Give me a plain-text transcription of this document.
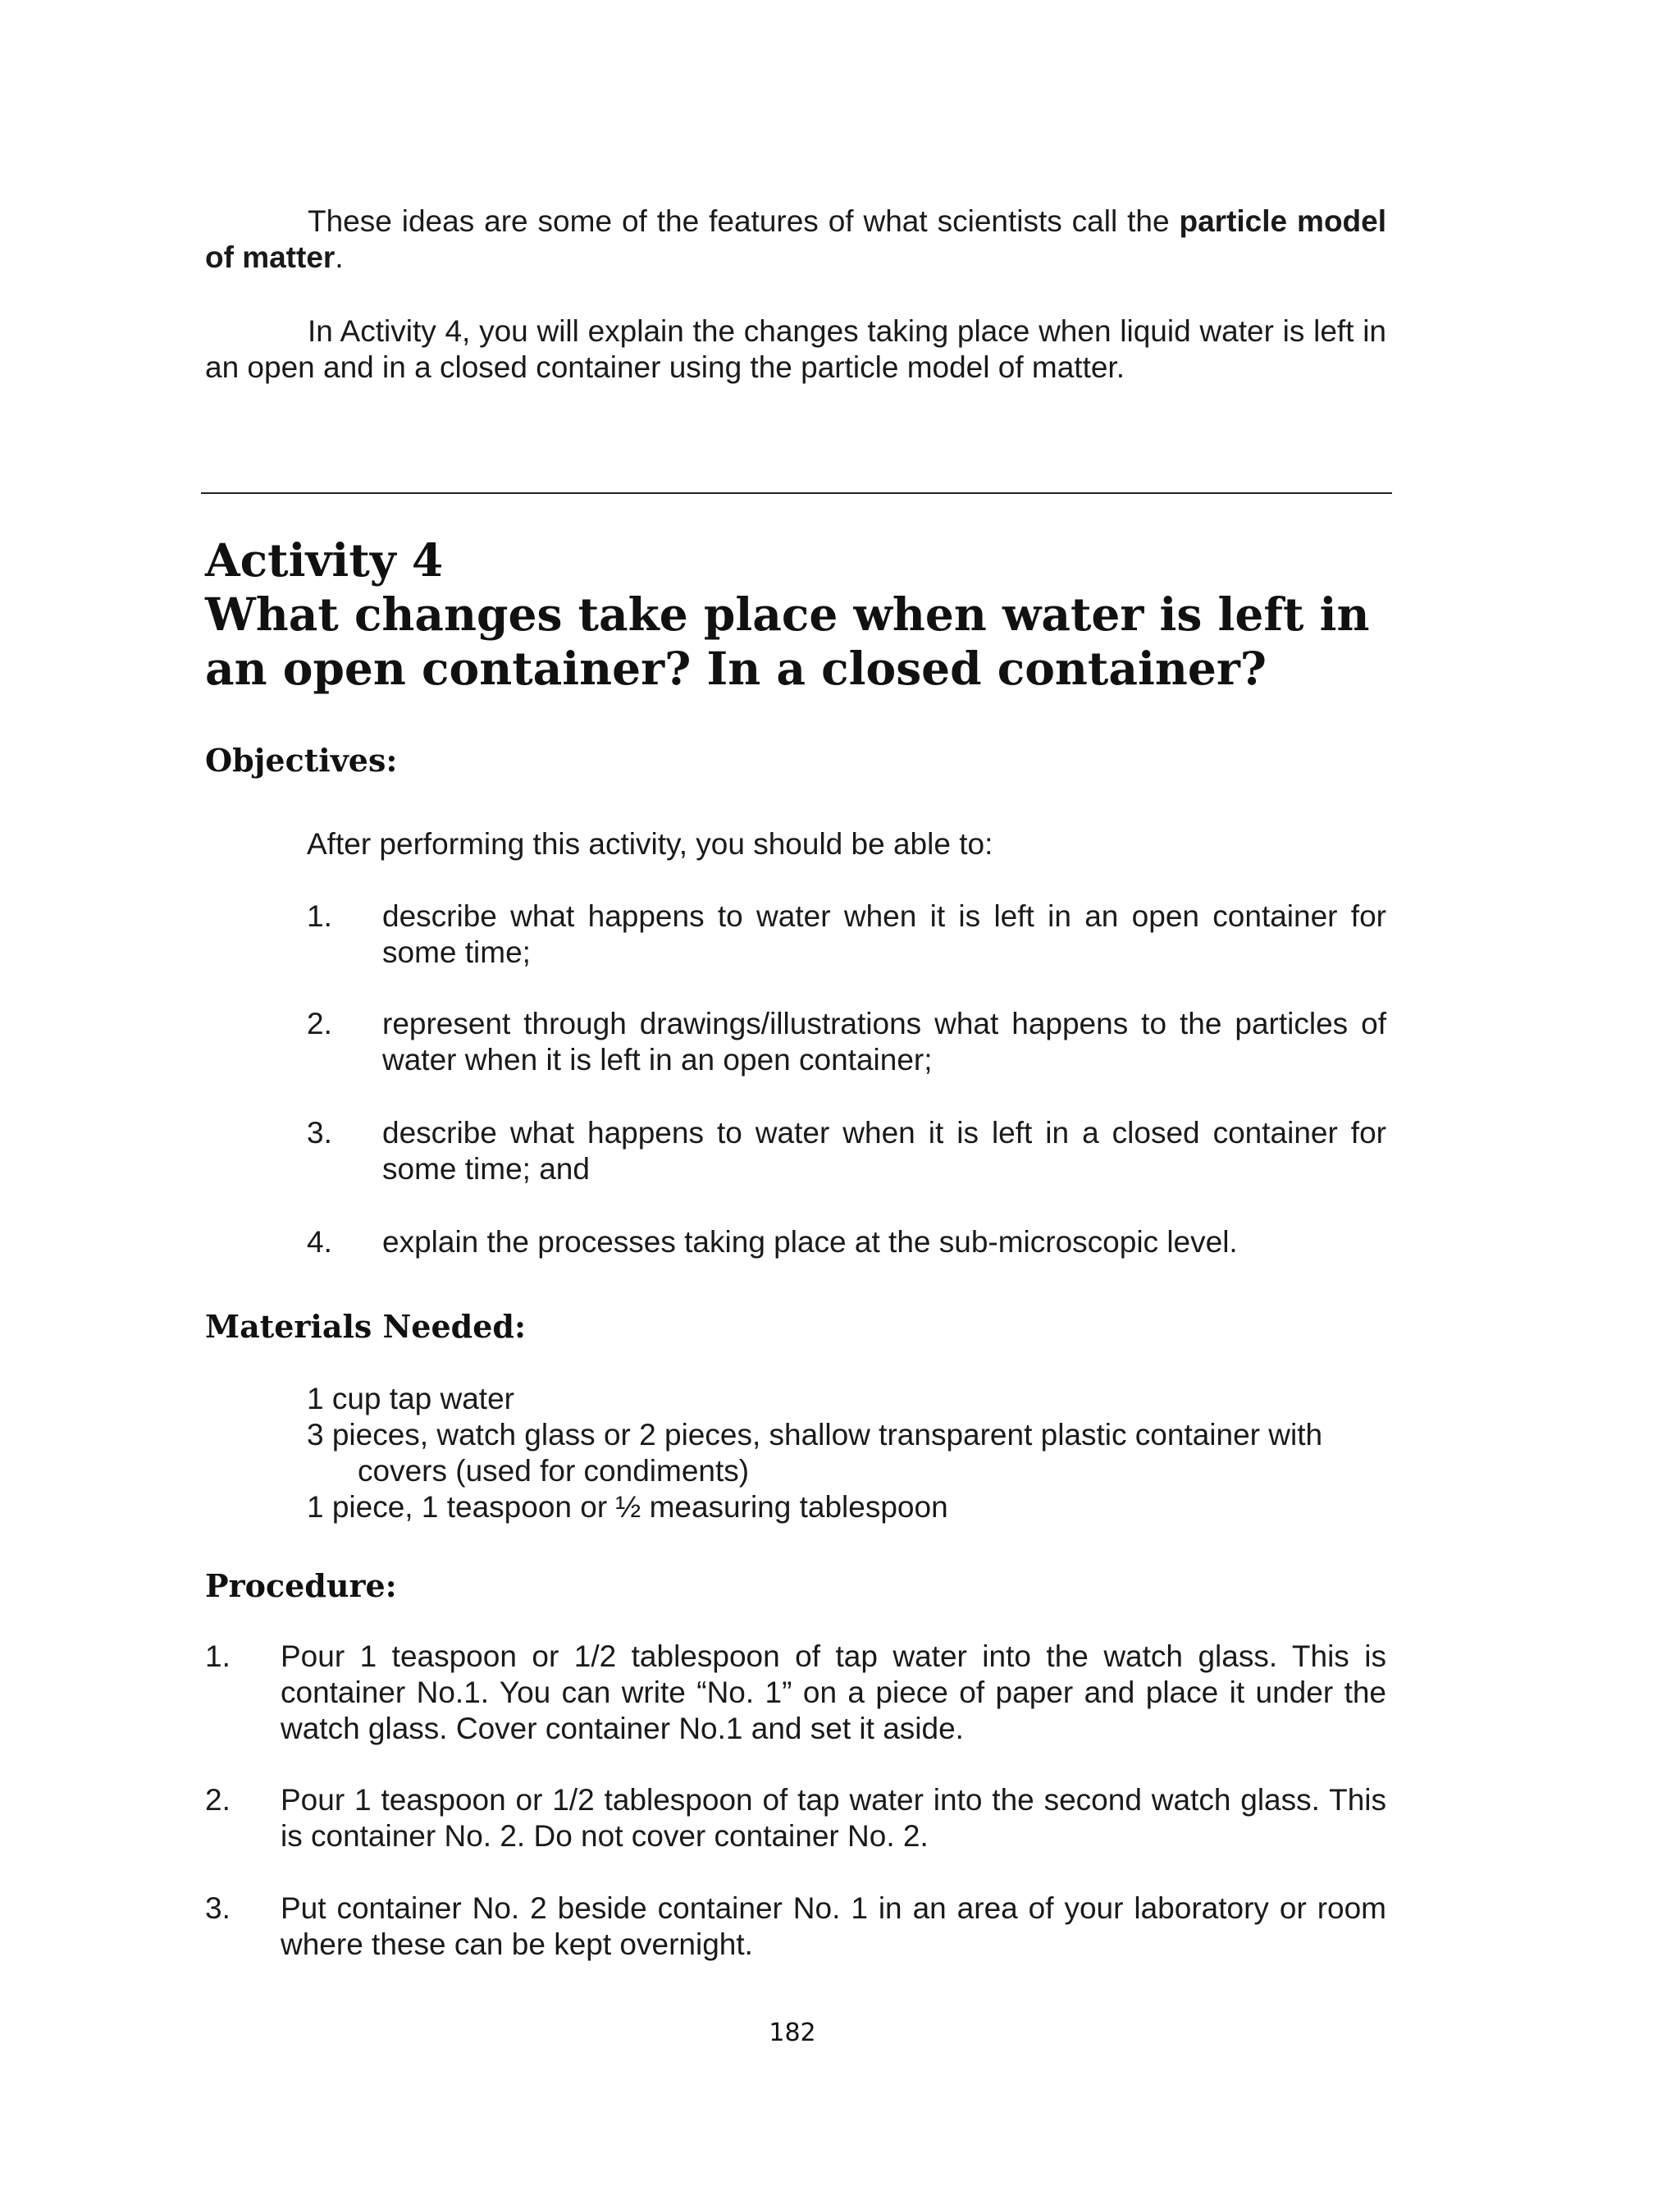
These ideas are some of the features of what scientists call the particle model of matter.
In Activity 4, you will explain the changes taking place when liquid water is left in an open and in a closed container using the particle model of matter.
Activity 4
What changes take place when water is left in an open container? In a closed container?
Objectives:
After performing this activity, you should be able to:
1. describe what happens to water when it is left in an open container for some time;
2. represent through drawings/illustrations what happens to the particles of water when it is left in an open container;
3. describe what happens to water when it is left in a closed container for some time; and
4. explain the processes taking place at the sub-microscopic level.
Materials Needed:
1 cup tap water
3 pieces, watch glass or 2 pieces, shallow transparent plastic container with
covers (used for condiments)
1 piece, 1 teaspoon or ½ measuring tablespoon
Procedure:
1. Pour 1 teaspoon or 1/2 tablespoon of tap water into the watch glass. This is container No.1. You can write “No. 1” on a piece of paper and place it under the watch glass. Cover container No.1 and set it aside.
2. Pour 1 teaspoon or 1/2 tablespoon of tap water into the second watch glass. This is container No. 2. Do not cover container No. 2.
3. Put container No. 2 beside container No. 1 in an area of your laboratory or room where these can be kept overnight.
182
